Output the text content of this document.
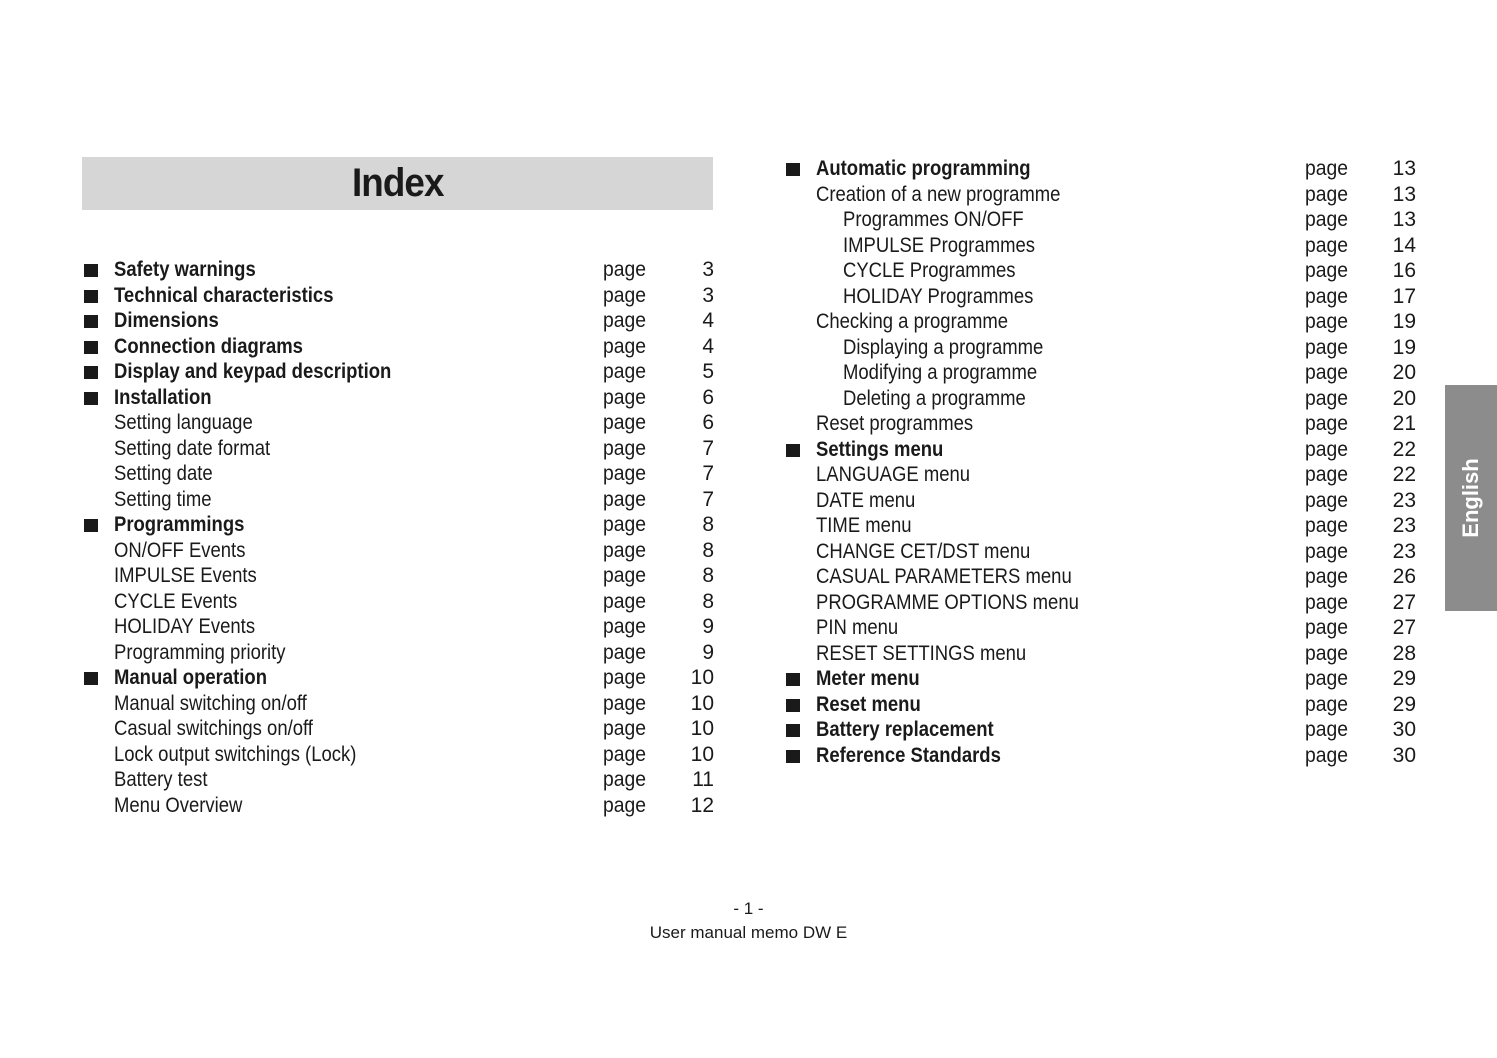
Index
Safety warnings	page	3
Technical characteristics	page	3
Dimensions	page	4
Connection diagrams	page	4
Display and keypad description	page	5
Installation	page	6
Setting language	page	6
Setting date format	page	7
Setting date	page	7
Setting time	page	7
Programmings	page	8
ON/OFF Events	page	8
IMPULSE Events	page	8
CYCLE Events	page	8
HOLIDAY Events	page	9
Programming priority	page	9
Manual operation	page	10
Manual switching on/off	page	10
Casual switchings on/off	page	10
Lock output switchings (Lock)	page	10
Battery test	page	11
Menu Overview	page	12
Automatic programming	page	13
Creation of a new programme	page	13
Programmes ON/OFF	page	13
IMPULSE Programmes	page	14
CYCLE Programmes	page	16
HOLIDAY Programmes	page	17
Checking a programme	page	19
Displaying a programme	page	19
Modifying a programme	page	20
Deleting a programme	page	20
Reset programmes	page	21
Settings menu	page	22
LANGUAGE menu	page	22
DATE menu	page	23
TIME menu	page	23
CHANGE CET/DST menu	page	23
CASUAL PARAMETERS menu	page	26
PROGRAMME OPTIONS menu	page	27
PIN menu	page	27
RESET SETTINGS menu	page	28
Meter menu	page	29
Reset menu	page	29
Battery replacement	page	30
Reference Standards	page	30
English
- 1 -
User manual memo DW E
